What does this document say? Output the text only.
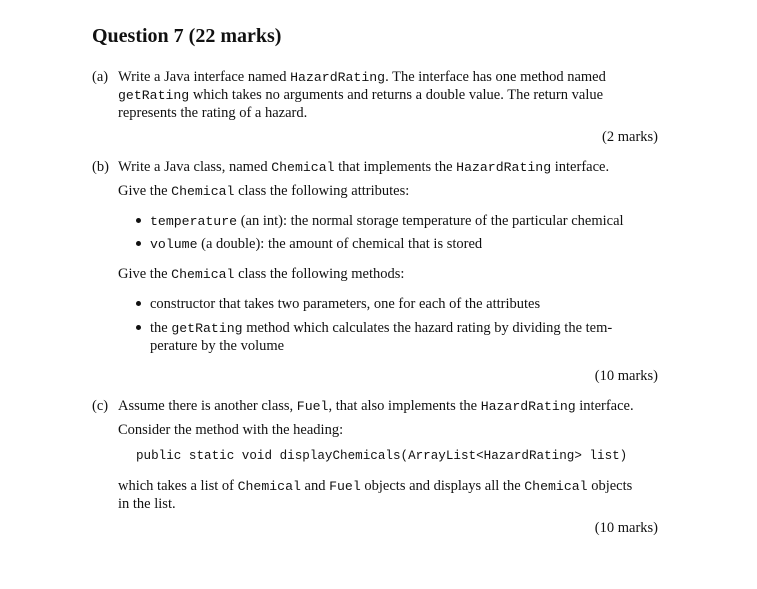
Question 7 (22 marks)
(a) Write a Java interface named HazardRating. The interface has one method named
getRating which takes no arguments and returns a double value. The return value
represents the rating of a hazard.
(2 marks)
(b) Write a Java class, named Chemical that implements the HazardRating interface.
Give the Chemical class the following attributes:
temperature (an int): the normal storage temperature of the particular chemical
volume (a double): the amount of chemical that is stored
Give the Chemical class the following methods:
constructor that takes two parameters, one for each of the attributes
the getRating method which calculates the hazard rating by dividing the tem-
perature by the volume
(10 marks)
(c) Assume there is another class, Fuel, that also implements the HazardRating interface.
Consider the method with the heading:
public static void displayChemicals(ArrayList<HazardRating> list)
which takes a list of Chemical and Fuel objects and displays all the Chemical objects
in the list.
(10 marks)
